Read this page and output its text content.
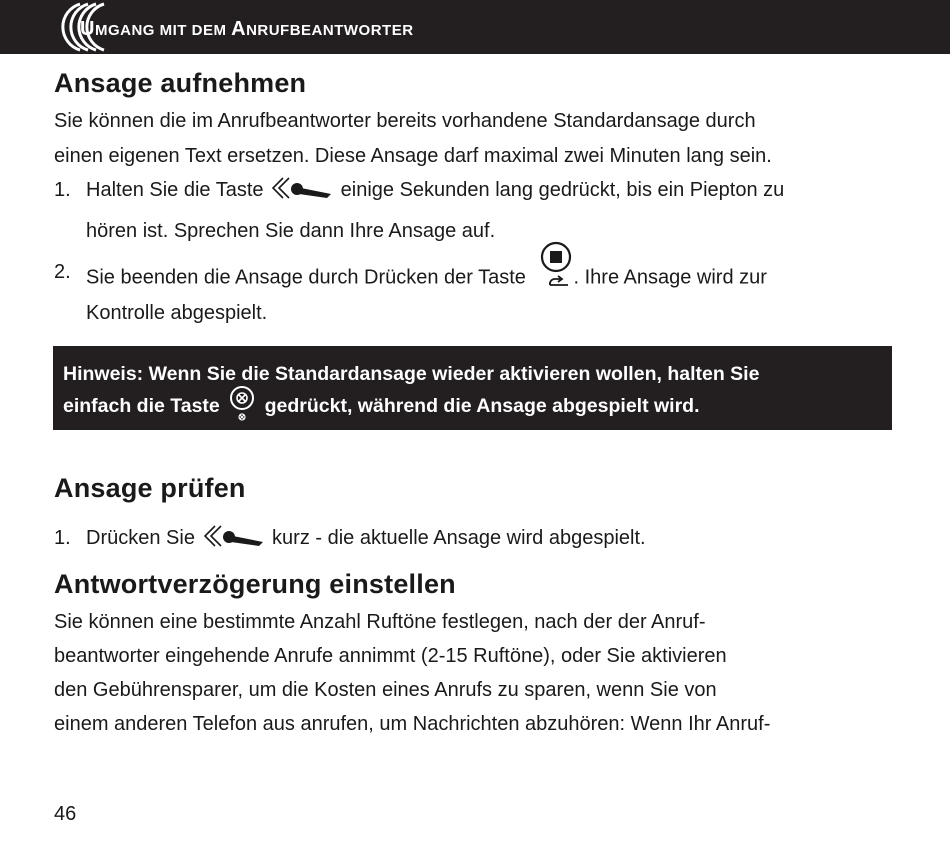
UMGANG MIT DEM ANRUFBEANTWORTER
Ansage aufnehmen
Sie können die im Anrufbeantworter bereits vorhandene Standardansage durch
einen eigenen Text ersetzen. Diese Ansage darf maximal zwei Minuten lang sein.
1. Halten Sie die Taste	einige Sekunden lang gedrückt, bis ein Piepton zu
hören ist. Sprechen Sie dann Ihre Ansage auf.
2. Sie beenden die Ansage durch Drücken der Taste . Ihre Ansage wird zur
Kontrolle abgespielt.
Hinweis: Wenn Sie die Standardansage wieder aktivieren wollen, halten Sie
einfach die Taste  gedrückt, während die Ansage abgespielt wird.
Ansage prüfen
1. Drücken Sie	kurz - die aktuelle Ansage wird abgespielt.
Antwortverzögerung einstellen
Sie können eine bestimmte Anzahl Ruftöne festlegen, nach der der Anruf-
beantworter eingehende Anrufe annimmt (2-15 Ruftöne), oder Sie aktivieren
den Gebührensparer, um die Kosten eines Anrufs zu sparen, wenn Sie von
einem anderen Telefon aus anrufen, um Nachrichten abzuhören: Wenn Ihr Anruf-
46
